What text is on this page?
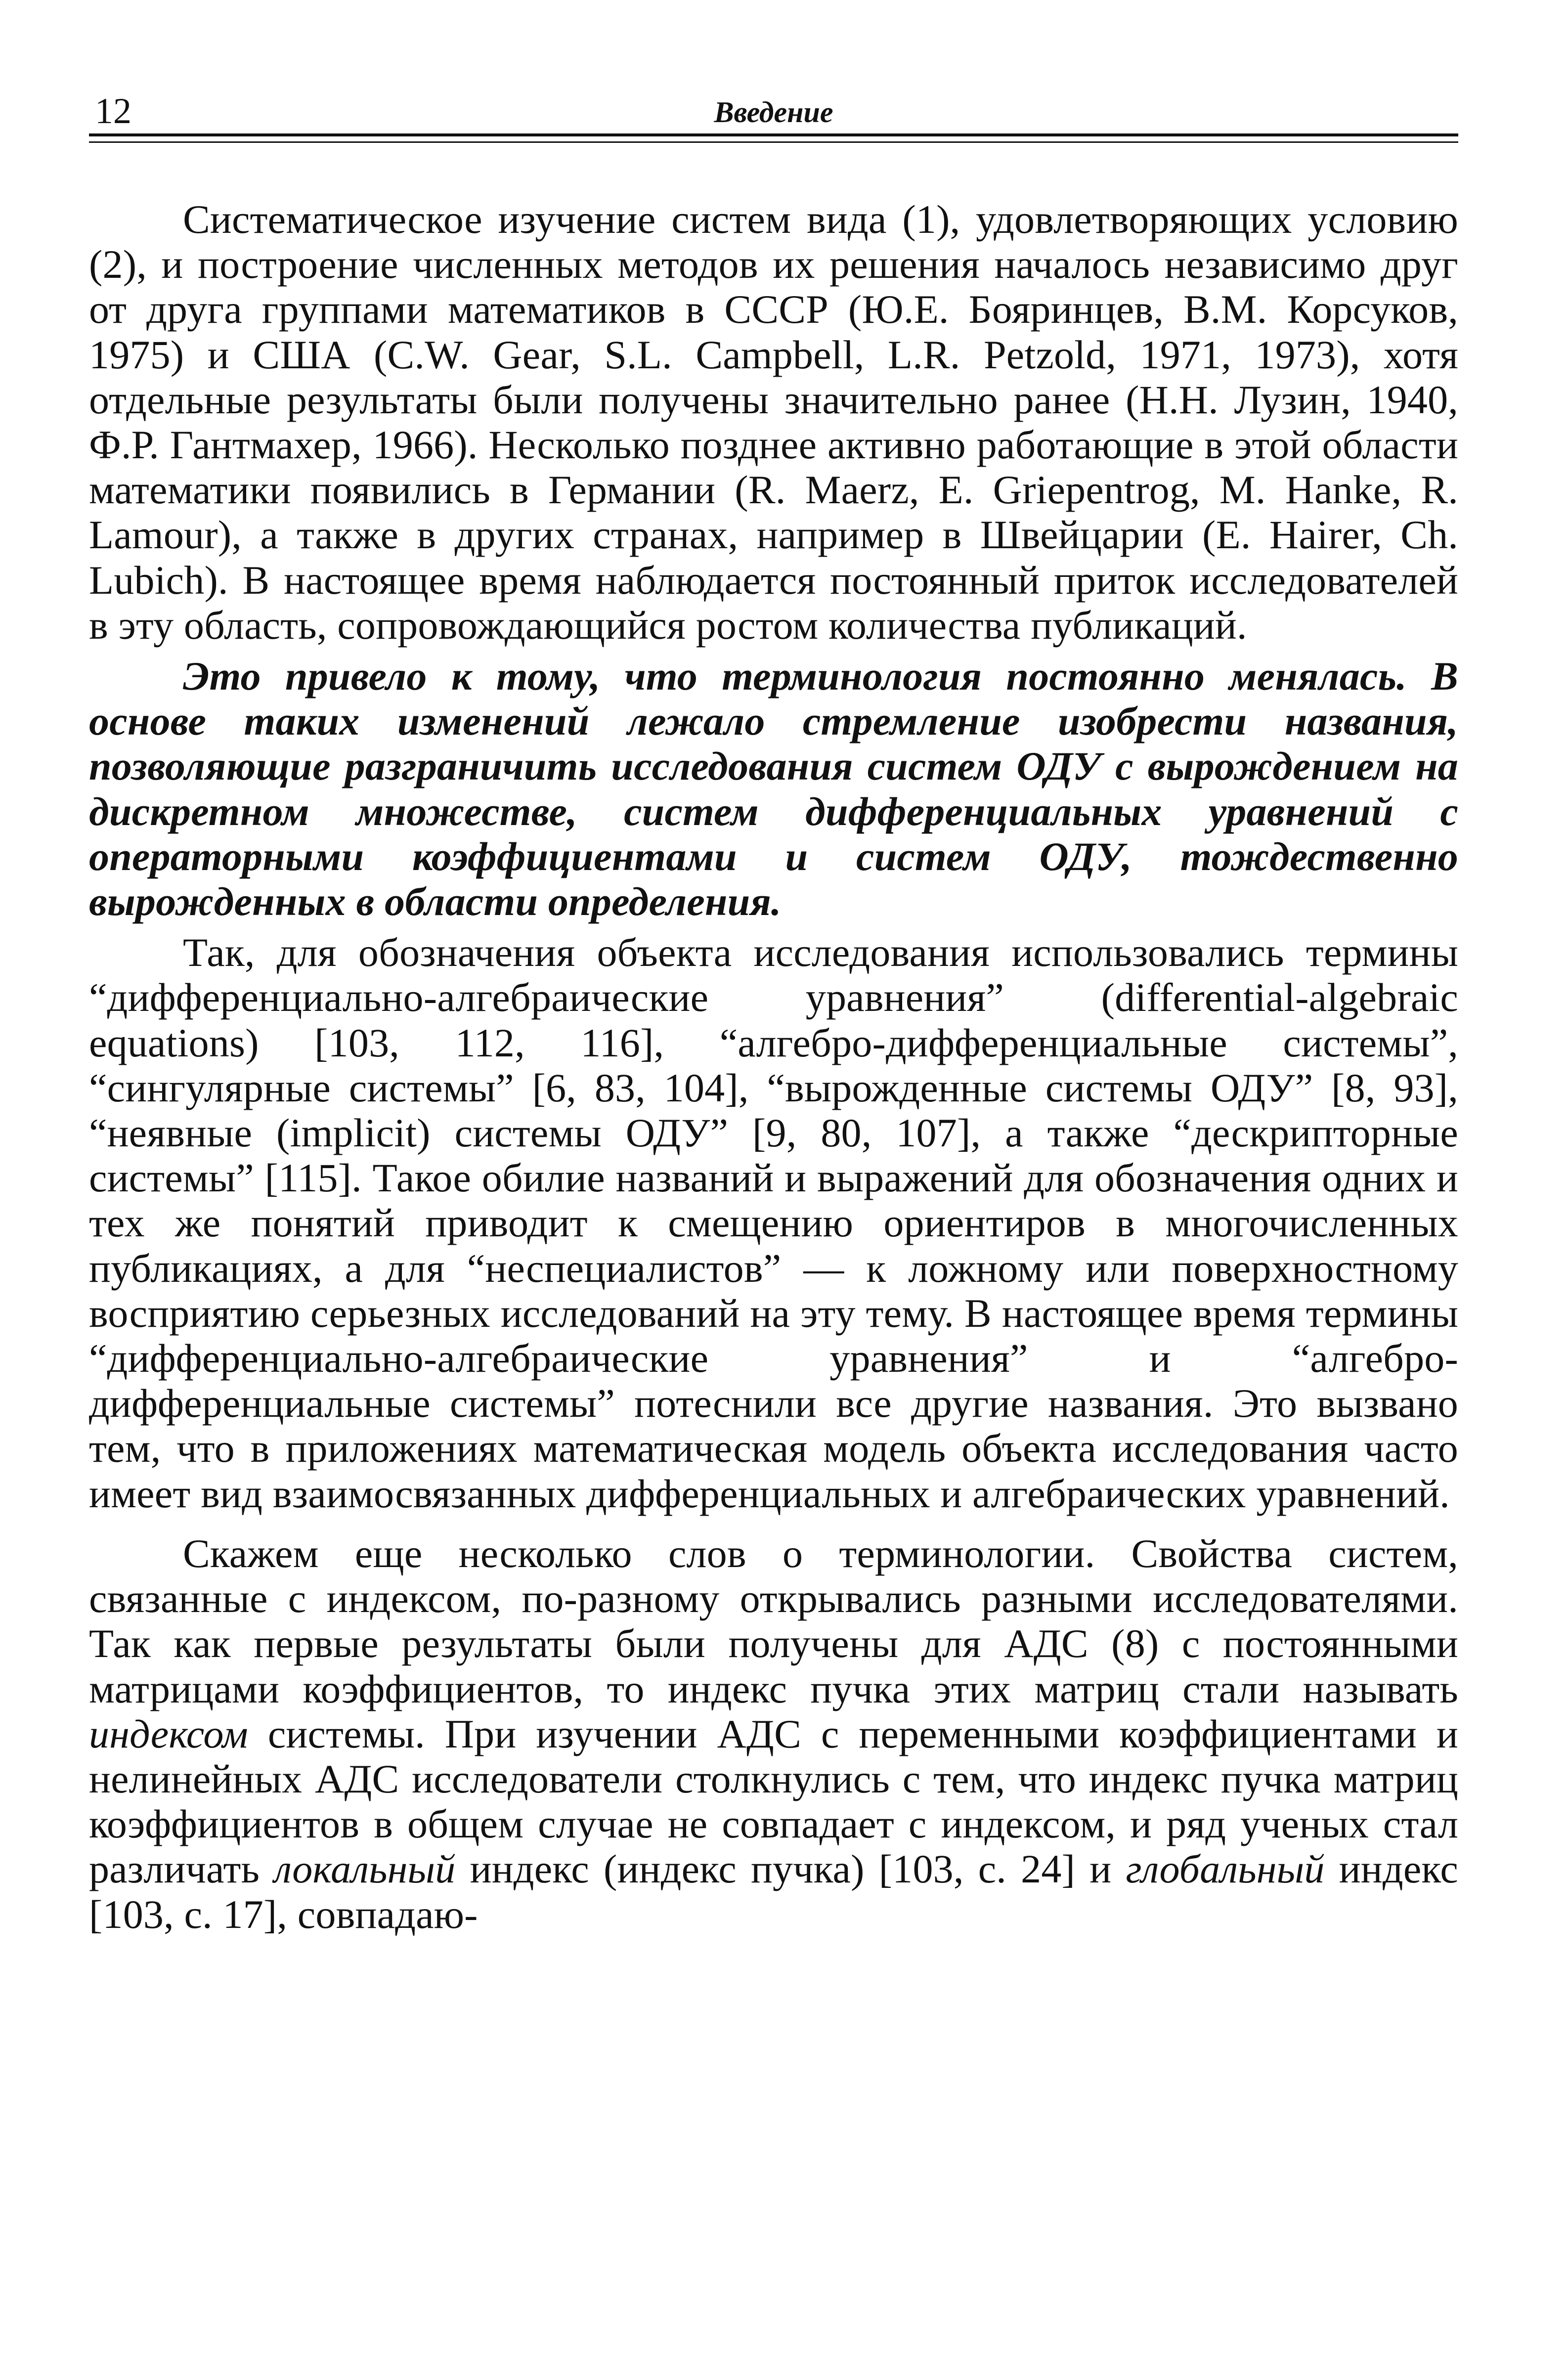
12	Введение

Систематическое изучение систем вида (1), удовлетворяющих условию (2), и построение численных методов их решения началось независимо друг от друга группами математиков в СССР (Ю.Е. Бояринцев, В.М. Корсуков, 1975) и США (C.W. Gear, S.L. Campbell, L.R. Petzold, 1971, 1973), хотя отдельные результаты были получены значительно ранее (Н.Н. Лузин, 1940, Ф.Р. Гантмахер, 1966). Несколько позднее активно работающие в этой области математики появились в Германии (R. Maerz, E. Griepentrog, M. Hanke, R. Lamour), а также в других странах, например в Швейцарии (E. Hairer, Ch. Lubich). В настоящее время наблюдается постоянный приток исследователей в эту область, сопровождающийся ростом количества публикаций.

Это привело к тому, что терминология постоянно менялась. В основе таких изменений лежало стремление изобрести названия, позволяющие разграничить исследования систем ОДУ с вырождением на дискретном множестве, систем дифференциальных уравнений с операторными коэффициентами и систем ОДУ, тождественно вырожденных в области определения.

Так, для обозначения объекта исследования использовались термины “дифференциально-алгебраические уравнения” (differential-algebraic equations) [103, 112, 116], “алгебро-дифференциальные системы”, “сингулярные системы” [6, 83, 104], “вырожденные системы ОДУ” [8, 93], “неявные (implicit) системы ОДУ” [9, 80, 107], а также “дескрипторные системы” [115]. Такое обилие названий и выражений для обозначения одних и тех же понятий приводит к смещению ориентиров в многочисленных публикациях, а для “неспециалистов” — к ложному или поверхностному восприятию серьезных исследований на эту тему. В настоящее время термины “дифференциально-алгебраические уравнения” и “алгебро-дифференциальные системы” потеснили все другие названия. Это вызвано тем, что в приложениях математическая модель объекта исследования часто имеет вид взаимосвязанных дифференциальных и алгебраических уравнений.

Скажем еще несколько слов о терминологии. Свойства систем, связанные с индексом, по-разному открывались разными исследователями. Так как первые результаты были получены для АДС (8) с постоянными матрицами коэффициентов, то индекс пучка этих матриц стали называть индексом системы. При изучении АДС с переменными коэффициентами и нелинейных АДС исследователи столкнулись с тем, что индекс пучка матриц коэффициентов в общем случае не совпадает с индексом, и ряд ученых стал различать локальный индекс (индекс пучка) [103, с. 24] и глобальный индекс [103, с. 17], совпадаю-
